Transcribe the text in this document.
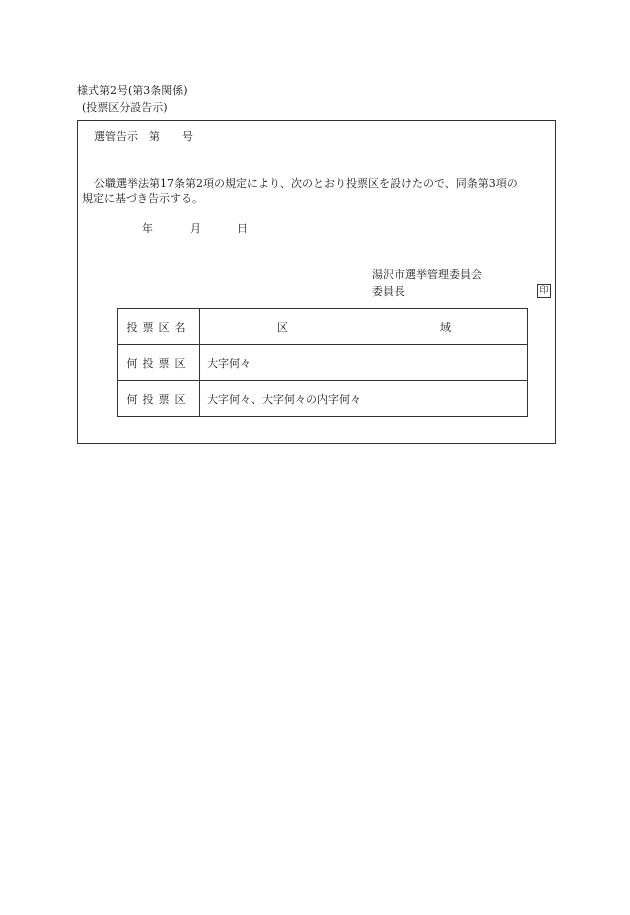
様式第2号(第3条関係)
(投票区分設告示)
選管告示　第　　号
公職選挙法第17条第2項の規定により、次のとおり投票区を設けたので、同条第3項の
規定に基づき告示する。
年	月	日
湯沢市選挙管理委員会
委員長	印
投票区名	区 域

何投票区	大字何々
何投票区	大字何々、大字何々の内字何々
